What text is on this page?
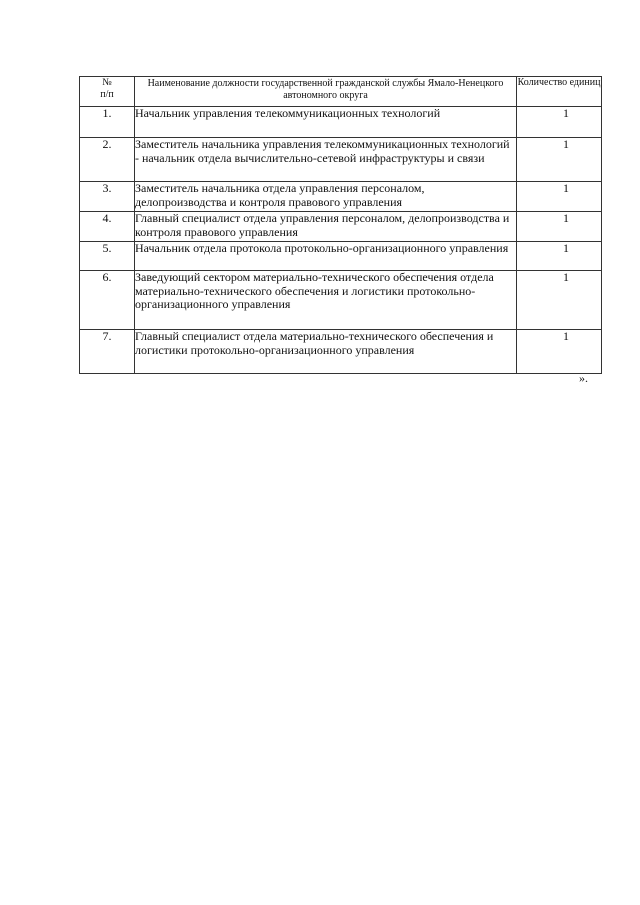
№
п/п	Наименование должности государственной гражданской службы Ямало-Ненецкого автономного округа	Количество единиц
1.	Начальник управления телекоммуникационных технологий	1
2.	Заместитель начальника управления телекоммуникационных технологий - начальник отдела вычислительно-сетевой инфраструктуры и связи	1
3.	Заместитель начальника отдела управления персоналом, делопроизводства и контроля правового управления	1
4.	Главный специалист отдела управления персоналом, делопроизводства и контроля правового управления	1
5.	Начальник отдела протокола протокольно-организационного управления	1
6.	Заведующий сектором материально-технического обеспечения отдела материально-технического обеспечения и логистики протокольно-организационного управления	1
7.	Главный специалист отдела материально-технического обеспечения и логистики протокольно-организационного управления	1
».
